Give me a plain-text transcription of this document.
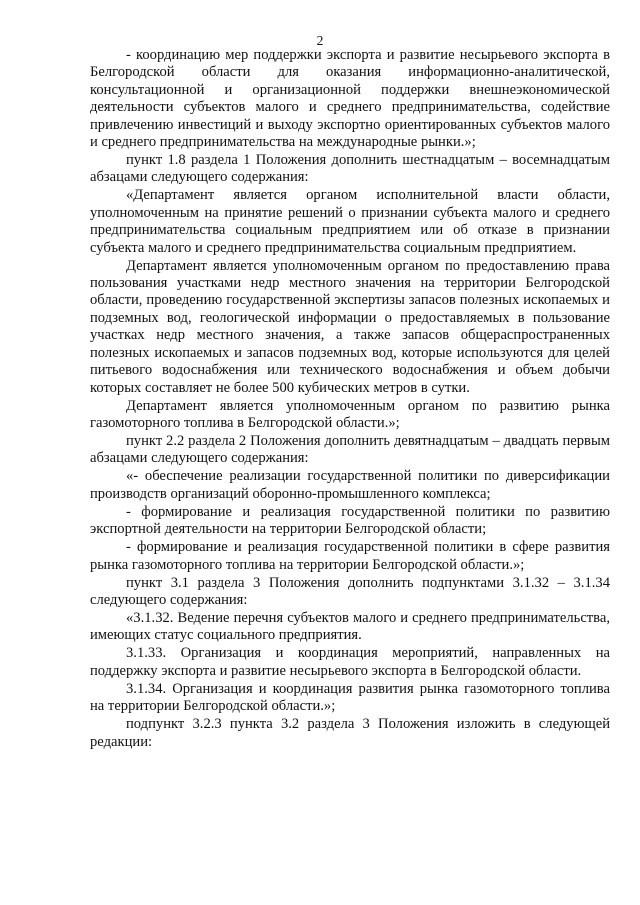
2

- координацию мер поддержки экспорта и развитие несырьевого экспорта в Белгородской области для оказания информационно-аналитической, консультационной и организационной поддержки внешнеэкономической деятельности субъектов малого и среднего предпринимательства, содействие привлечению инвестиций и выходу экспортно ориентированных субъектов малого и среднего предпринимательства на международные рынки.»;

пункт 1.8 раздела 1 Положения дополнить шестнадцатым – восемнадцатым абзацами следующего содержания:

«Департамент является органом исполнительной власти области, уполномоченным на принятие решений о признании субъекта малого и среднего предпринимательства социальным предприятием или об отказе в признании субъекта малого и среднего предпринимательства социальным предприятием.

Департамент является уполномоченным органом по предоставлению права пользования участками недр местного значения на территории Белгородской области, проведению государственной экспертизы запасов полезных ископаемых и подземных вод, геологической информации о предоставляемых в пользование участках недр местного значения, а также запасов общераспространенных полезных ископаемых и запасов подземных вод, которые используются для целей питьевого водоснабжения или технического водоснабжения и объем добычи которых составляет не более 500 кубических метров в сутки.

Департамент является уполномоченным органом по развитию рынка газомоторного топлива в Белгородской области.»;

пункт 2.2 раздела 2 Положения дополнить девятнадцатым – двадцать первым абзацами следующего содержания:

«- обеспечение реализации государственной политики по диверсификации производств организаций оборонно-промышленного комплекса;

- формирование и реализация государственной политики по развитию экспортной деятельности на территории Белгородской области;

- формирование и реализация государственной политики в сфере развития рынка газомоторного топлива на территории Белгородской области.»;

пункт 3.1 раздела 3 Положения дополнить подпунктами 3.1.32 – 3.1.34 следующего содержания:

«3.1.32. Ведение перечня субъектов малого и среднего предпринимательства, имеющих статус социального предприятия.

3.1.33. Организация и координация мероприятий, направленных на поддержку экспорта и развитие несырьевого экспорта в Белгородской области.

3.1.34. Организация и координация развития рынка газомоторного топлива на территории Белгородской области.»;

подпункт 3.2.3 пункта 3.2 раздела 3 Положения изложить в следующей редакции:
